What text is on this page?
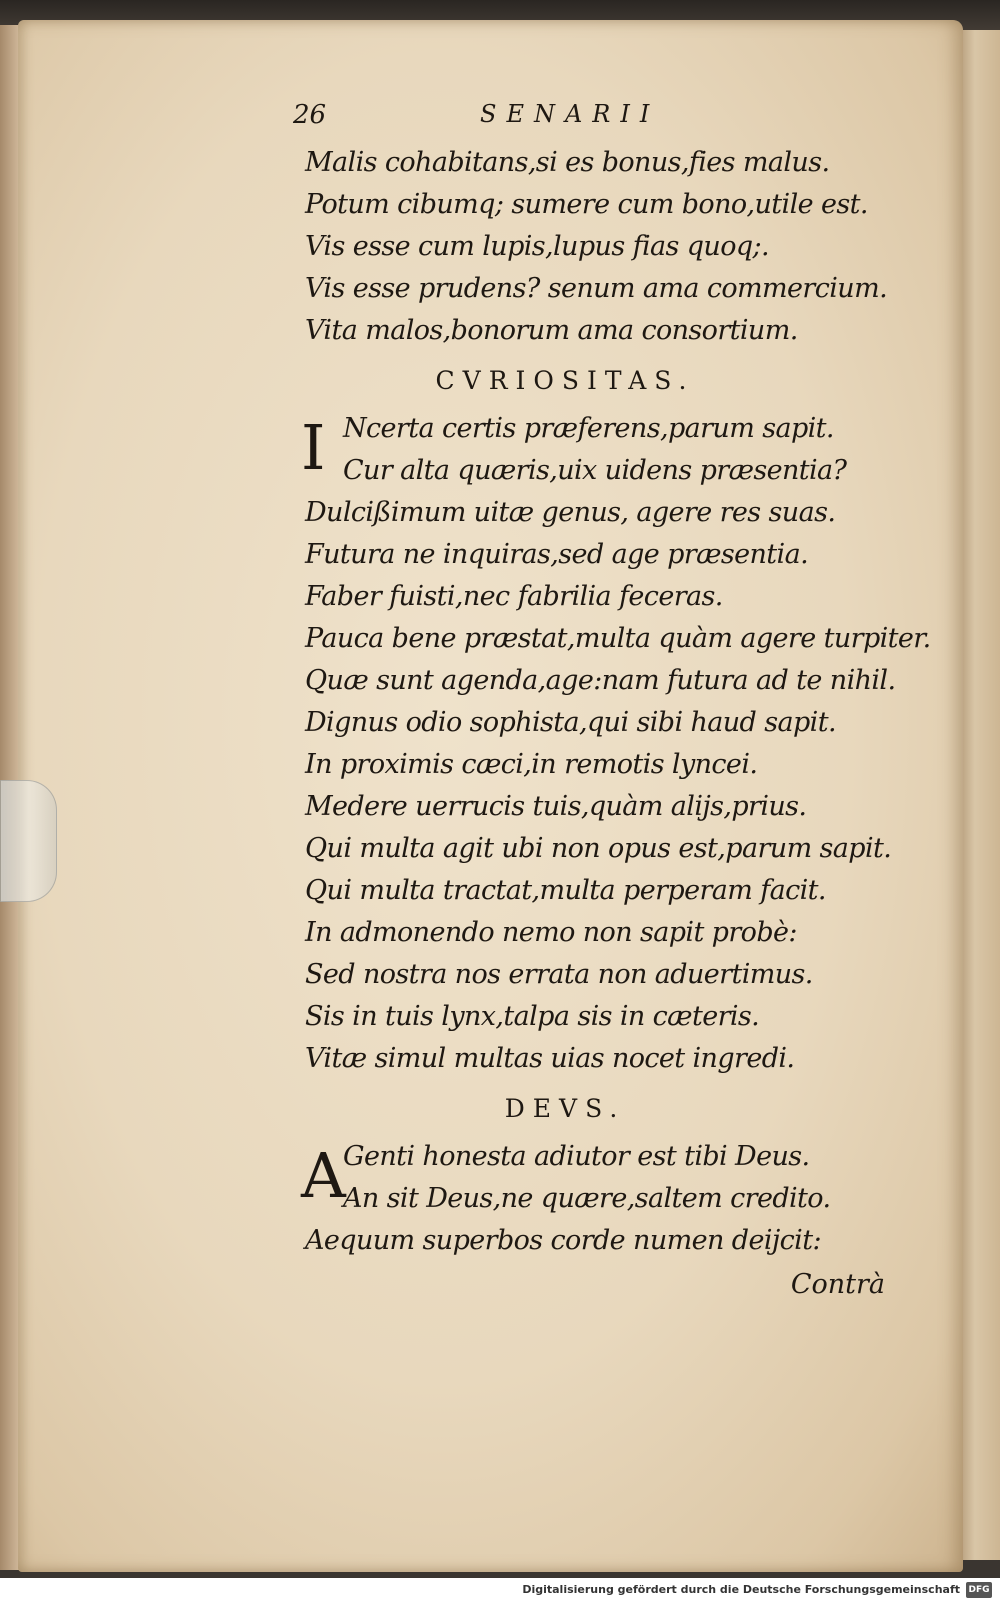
26	SENARII
Malis cohabitans,si es bonus,fies malus.
Potum cibumq; sumere cum bono,utile est.
Vis esse cum lupis,lupus fias quoq;.
Vis esse prudens? senum ama commercium.
Vita malos,bonorum ama consortium.
CVRIOSITAS.
I Ncerta certis præferens,parum sapit.
Cur alta quæris,uix uidens præsentia?
Dulcißimum uitæ genus, agere res suas.
Futura ne inquiras,sed age præsentia.
Faber fuisti,nec fabrilia feceras.
Pauca bene præstat,multa quàm agere turpiter.
Quæ sunt agenda,age:nam futura ad te nihil.
Dignus odio sophista,qui sibi haud sapit.
In proximis cæci,in remotis lyncei.
Medere uerrucis tuis,quàm alijs,prius.
Qui multa agit ubi non opus est,parum sapit.
Qui multa tractat,multa perperam facit.
In admonendo nemo non sapit probè:
Sed nostra nos errata non aduertimus.
Sis in tuis lynx,talpa sis in cæteris.
Vitæ simul multas uias nocet ingredi.
DEVS.
A
Genti honesta adiutor est tibi Deus.
An sit Deus,ne quære,saltem credito.
Aequum superbos corde numen deijcit:
Contrà
Digitalisierung gefördert durch die Deutsche Forschungsgemeinschaft DFG
